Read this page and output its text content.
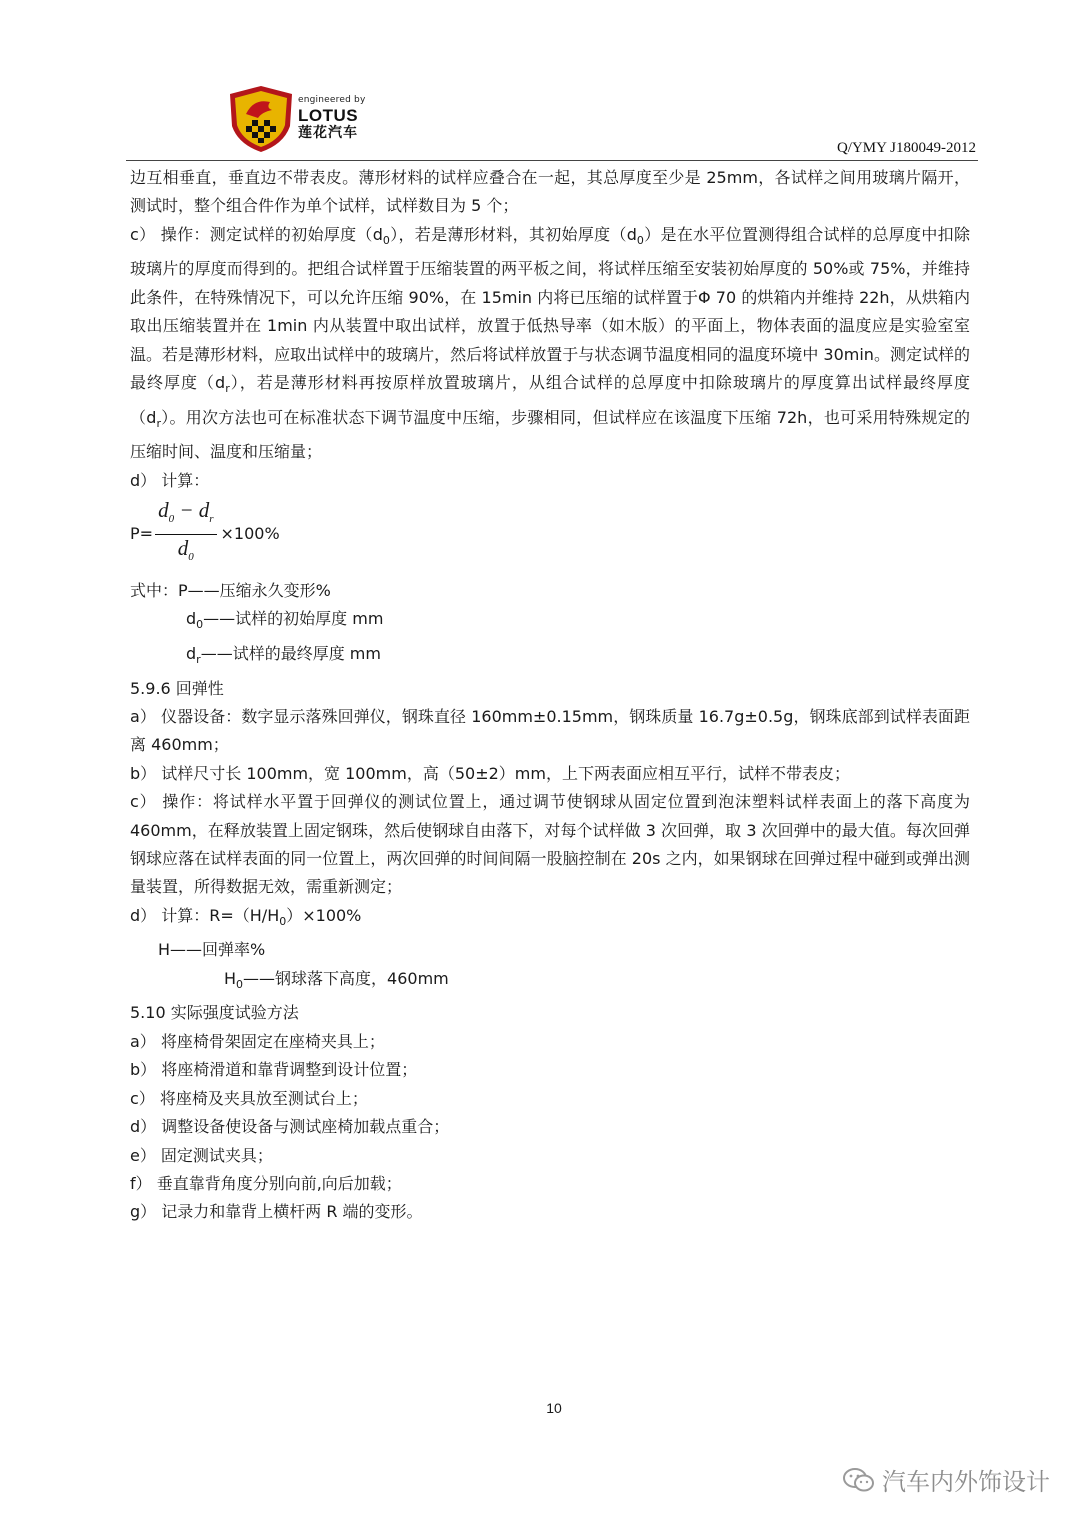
engineered by
LOTUS
莲花汽车
Q/YMY J180049-2012

边互相垂直，垂直边不带表皮。薄形材料的试样应叠合在一起，其总厚度至少是 25mm，各试样之间用玻璃片隔开，测试时，整个组合件作为单个试样，试样数目为 5 个；

c） 操作：测定试样的初始厚度$(d_0)$，若是薄形材料，其初始厚度$(d_0)$是在水平位置测得组合试样的总厚度中扣除玻璃片的厚度而得到的。把组合试样置于压缩装置的两平板之间，将试样压缩至安装初始厚度的 50%或 75%，并维持此条件，在特殊情况下，可以允许压缩 90%，在 15min 内将已压缩的试样置于Φ 70 的烘箱内并维持 22h，从烘箱内取出压缩装置并在 1min 内从装置中取出试样，放置于低热导率（如木版）的平面上，物体表面的温度应是实验室室温。若是薄形材料，应取出试样中的玻璃片，然后将试样放置于与状态调节温度相同的温度环境中 30min。测定试样的最终厚度$(d_r)$，若是薄形材料再按原样放置玻璃片，从组合试样的总厚度中扣除玻璃片的厚度算出试样最终厚度$(d_r)$。用次方法也可在标准状态下调节温度中压缩，步骤相同，但试样应在该温度下压缩 72h，也可采用特殊规定的压缩时间、温度和压缩量；

d） 计算：

$P= \frac{d_0 - d_r}{d_0} \times 100\%$

式中：P——压缩永久变形%

$d_0——$试样的初始厚度 mm

$d_r——$试样的最终厚度 mm

5.9.6 回弹性

a） 仪器设备：数字显示落殊回弹仪，钢珠直径 160mm±0.15mm，钢珠质量 16.7g±0.5g，钢珠底部到试样表面距离 460mm；

b） 试样尺寸长 100mm，宽 100mm，高（50±2）mm，上下两表面应相互平行，试样不带表皮；

c） 操作：将试样水平置于回弹仪的测试位置上，通过调节使钢球从固定位置到泡沫塑料试样表面上的落下高度为 460mm，在释放装置上固定钢珠，然后使钢球自由落下，对每个试样做 3 次回弹，取 3 次回弹中的最大值。每次回弹钢球应落在试样表面的同一位置上，两次回弹的时间间隔一股脑控制在 20s 之内，如果钢球在回弹过程中碰到或弹出测量装置，所得数据无效，需重新测定；

d） 计算：$R=(H/H_0)\times 100\%$

H——回弹率%

$H_0——$钢球落下高度，460mm

5.10 实际强度试验方法

a） 将座椅骨架固定在座椅夹具上；

b） 将座椅滑道和靠背调整到设计位置；

c） 将座椅及夹具放至测试台上；

d） 调整设备使设备与测试座椅加载点重合；

e） 固定测试夹具；

f） 垂直靠背角度分别向前,向后加载；

g） 记录力和靠背上横杆两 R 端的变形。

10
汽车内外饰设计
